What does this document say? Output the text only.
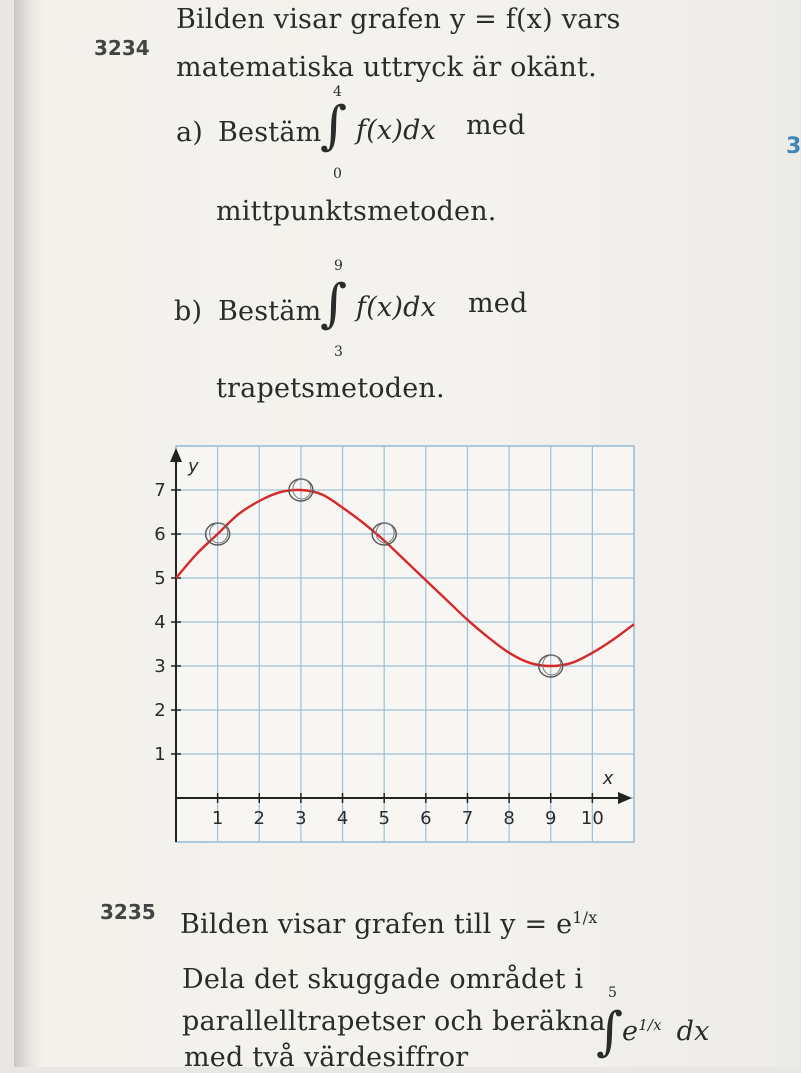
3234
Bilden visar grafen y = f(x) vars
matematiska uttryck är okänt.
a) Bestäm
4
∫
0
f(x)dx med
mittpunktsmetoden.
b) Bestäm
9
∫
3
f(x)dx med
trapetsmetoden.
3
1 2 3 4 5 6 7 8 9 10
1
2
3
4
5
6
7
x
y
3235 Bilden visar grafen till $y = e^{1/x}$
Dela det skuggade området i
parallelltrapetser och beräkna
med två värdesiffror
5
∫
$e^{1/x}$ dx
